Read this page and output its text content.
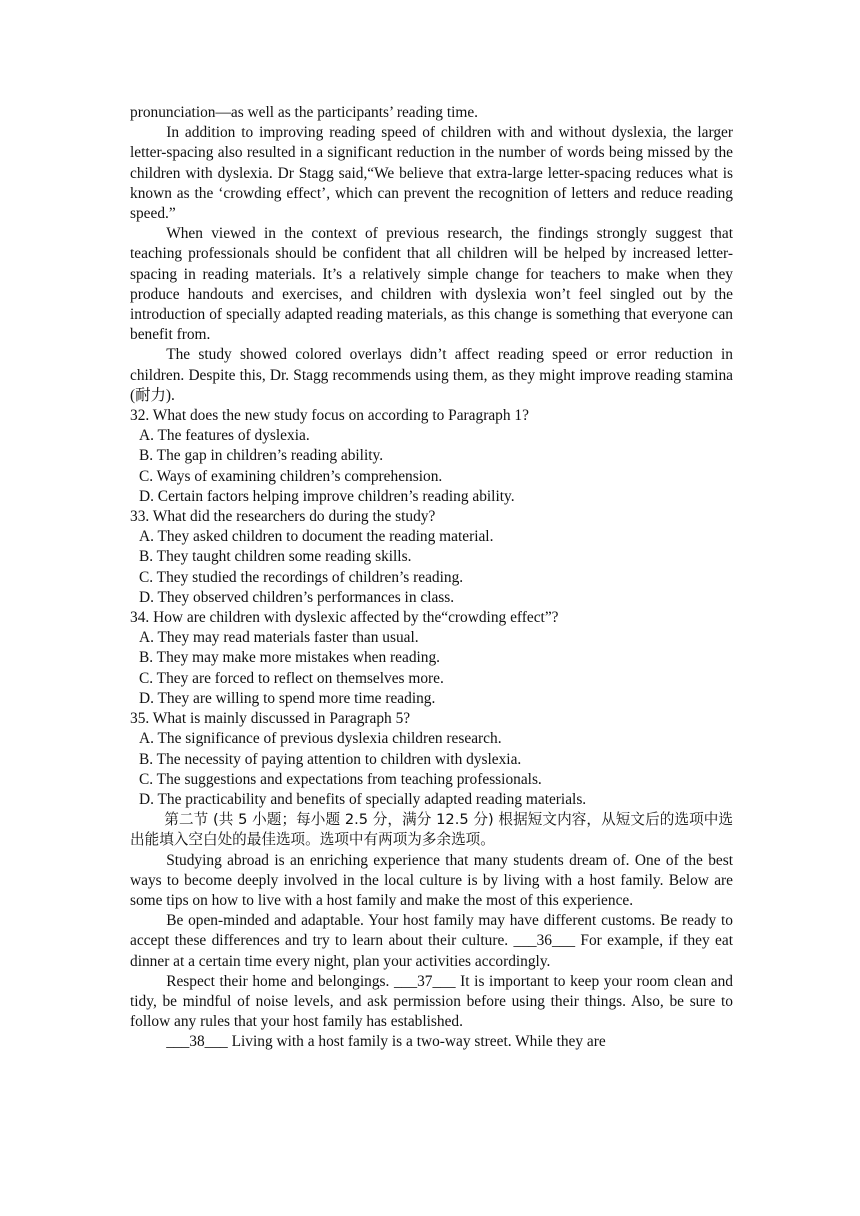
pronunciation—as well as the participants’ reading time.

In addition to improving reading speed of children with and without dyslexia, the larger letter-spacing also resulted in a significant reduction in the number of words being missed by the children with dyslexia. Dr Stagg said,“We believe that extra-large letter-spacing reduces what is known as the ‘crowding effect’, which can prevent the recognition of letters and reduce reading speed.”

When viewed in the context of previous research, the findings strongly suggest that teaching professionals should be confident that all children will be helped by increased letter-spacing in reading materials. It’s a relatively simple change for teachers to make when they produce handouts and exercises, and children with dyslexia won’t feel singled out by the introduction of specially adapted reading materials, as this change is something that everyone can benefit from.

The study showed colored overlays didn’t affect reading speed or error reduction in children. Despite this, Dr. Stagg recommends using them, as they might improve reading stamina (耐力).

32. What does the new study focus on according to Paragraph 1?

A. The features of dyslexia.

B. The gap in children’s reading ability.

C. Ways of examining children’s comprehension.

D. Certain factors helping improve children’s reading ability.

33. What did the researchers do during the study?

A. They asked children to document the reading material.

B. They taught children some reading skills.

C. They studied the recordings of children’s reading.

D. They observed children’s performances in class.

34. How are children with dyslexic affected by the“crowding effect”?

A. They may read materials faster than usual.

B. They may make more mistakes when reading.

C. They are forced to reflect on themselves more.

D. They are willing to spend more time reading.

35. What is mainly discussed in Paragraph 5?

A. The significance of previous dyslexia children research.

B. The necessity of paying attention to children with dyslexia.

C. The suggestions and expectations from teaching professionals.

D. The practicability and benefits of specially adapted reading materials.

第二节 (共 5 小题；每小题 2.5 分，满分 12.5 分) 根据短文内容，从短文后的选项中选出能填入空白处的最佳选项。选项中有两项为多余选项。

Studying abroad is an enriching experience that many students dream of. One of the best ways to become deeply involved in the local culture is by living with a host family. Below are some tips on how to live with a host family and make the most of this experience.

Be open-minded and adaptable. Your host family may have different customs. Be ready to accept these differences and try to learn about their culture. ___36___ For example, if they eat dinner at a certain time every night, plan your activities accordingly.

Respect their home and belongings. ___37___ It is important to keep your room clean and tidy, be mindful of noise levels, and ask permission before using their things. Also, be sure to follow any rules that your host family has established.

___38___ Living with a host family is a two-way street. While they are
